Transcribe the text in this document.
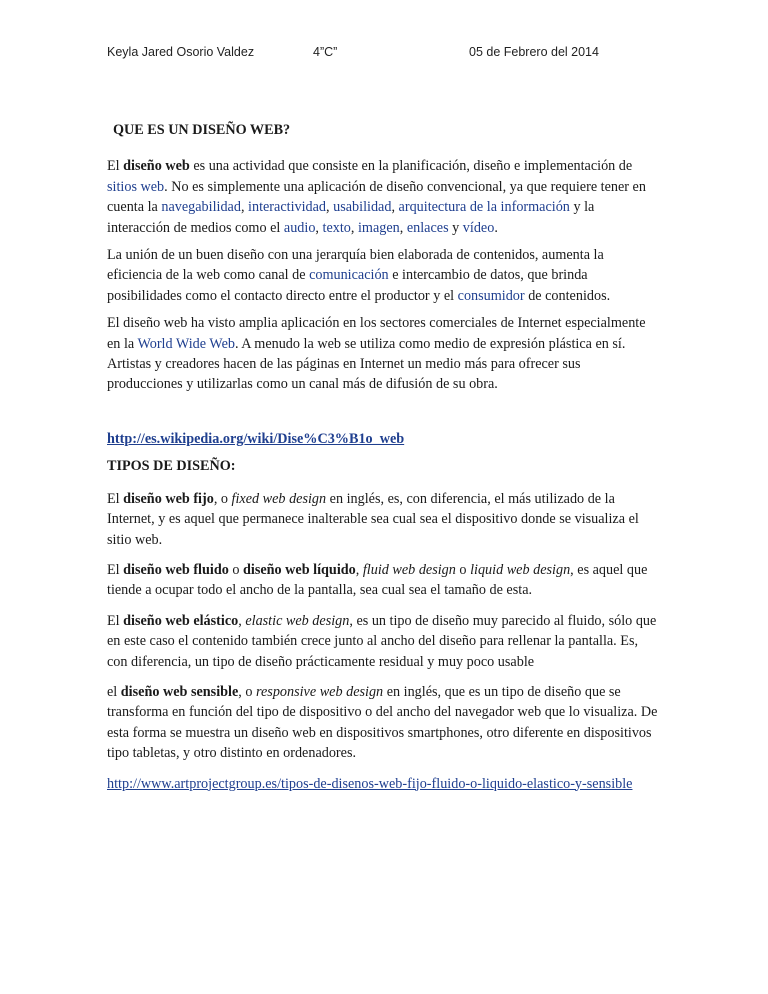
Keyla Jared Osorio Valdez	4”C”	05 de Febrero del 2014
QUE ES UN DISEÑO WEB?

El diseño web es una actividad que consiste en la planificación, diseño e implementación de sitios web. No es simplemente una aplicación de diseño convencional, ya que requiere tener en cuenta la navegabilidad, interactividad, usabilidad, arquitectura de la información y la interacción de medios como el audio, texto, imagen, enlaces y vídeo.

La unión de un buen diseño con una jerarquía bien elaborada de contenidos, aumenta la eficiencia de la web como canal de comunicación e intercambio de datos, que brinda posibilidades como el contacto directo entre el productor y el consumidor de contenidos.

El diseño web ha visto amplia aplicación en los sectores comerciales de Internet especialmente en la World Wide Web. A menudo la web se utiliza como medio de expresión plástica en sí. Artistas y creadores hacen de las páginas en Internet un medio más para ofrecer sus producciones y utilizarlas como un canal más de difusión de su obra.

http://es.wikipedia.org/wiki/Dise%C3%B1o_web

TIPOS DE DISEÑO:

El diseño web fijo, o fixed web design en inglés, es, con diferencia, el más utilizado de la Internet, y es aquel que permanece inalterable sea cual sea el dispositivo donde se visualiza el sitio web.

El diseño web fluido o diseño web líquido, fluid web design o liquid web design, es aquel que tiende a ocupar todo el ancho de la pantalla, sea cual sea el tamaño de esta.

El diseño web elástico, elastic web design, es un tipo de diseño muy parecido al fluido, sólo que en este caso el contenido también crece junto al ancho del diseño para rellenar la pantalla. Es, con diferencia, un tipo de diseño prácticamente residual y muy poco usable

el diseño web sensible, o responsive web design en inglés, que es un tipo de diseño que se transforma en función del tipo de dispositivo o del ancho del navegador web que lo visualiza. De esta forma se muestra un diseño web en dispositivos smartphones, otro diferente en dispositivos tipo tabletas, y otro distinto en ordenadores.

http://www.artprojectgroup.es/tipos-de-disenos-web-fijo-fluido-o-liquido-elastico-y-sensible
